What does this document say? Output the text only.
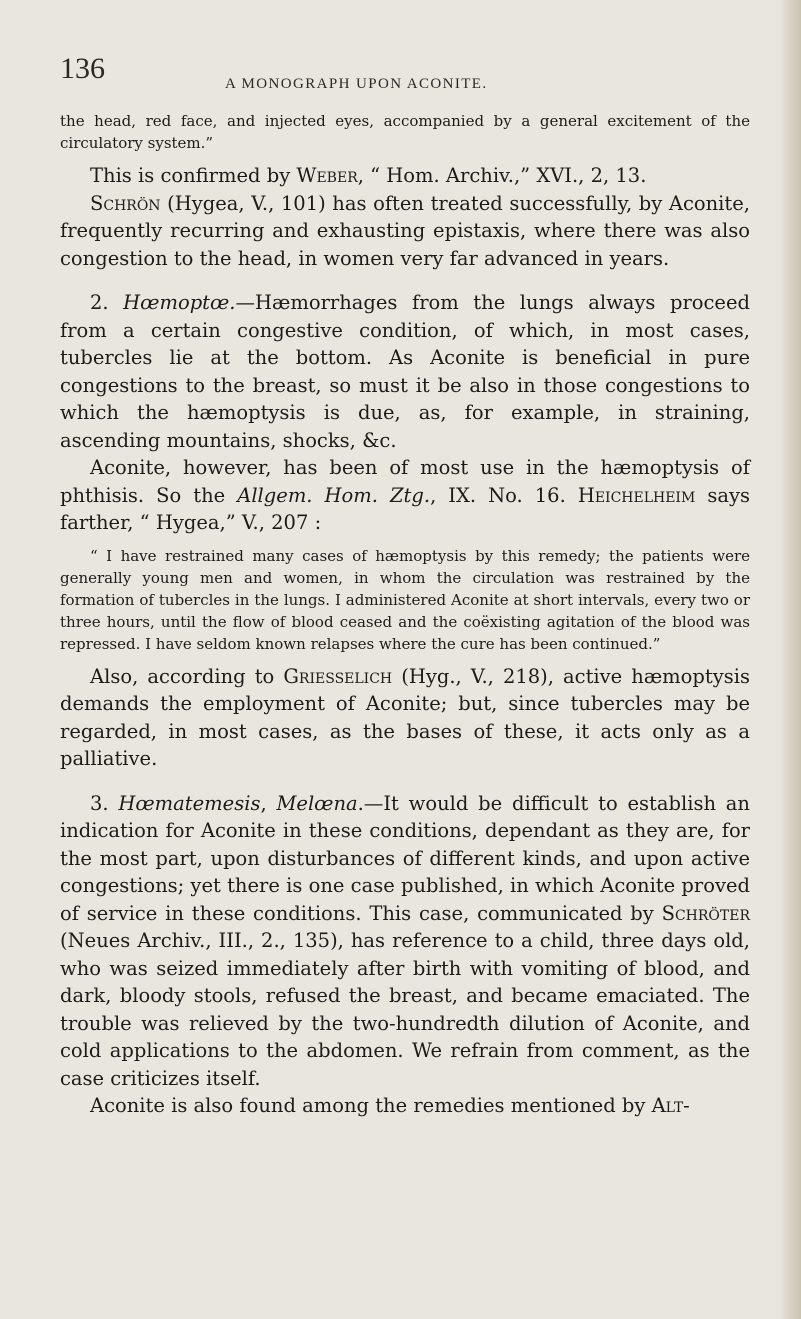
136	A MONOGRAPH UPON ACONITE.

the head, red face, and injected eyes, accompanied by a general excitement of the circulatory system.”

This is confirmed by Weber, “ Hom. Archiv.,” XVI., 2, 13.

Schrön (Hygea, V., 101) has often treated successfully, by Aconite, frequently recurring and exhausting epistaxis, where there was also congestion to the head, in women very far advanced in years.

2. Hœmoptœ.—Hæmorrhages from the lungs always proceed from a certain congestive condition, of which, in most cases, tubercles lie at the bottom. As Aconite is beneficial in pure congestions to the breast, so must it be also in those congestions to which the hæmoptysis is due, as, for example, in straining, ascending mountains, shocks, &c.

Aconite, however, has been of most use in the hæmoptysis of phthisis. So the Allgem. Hom. Ztg., IX. No. 16. Heichelheim says farther, “ Hygea,” V., 207 :

“ I have restrained many cases of hæmoptysis by this remedy; the patients were generally young men and women, in whom the circulation was restrained by the formation of tubercles in the lungs. I administered Aconite at short intervals, every two or three hours, until the flow of blood ceased and the coëxisting agitation of the blood was repressed. I have seldom known relapses where the cure has been continued.”

Also, according to Griesselich (Hyg., V., 218), active hæmoptysis demands the employment of Aconite; but, since tubercles may be regarded, in most cases, as the bases of these, it acts only as a palliative.

3. Hœmatemesis, Melœna.—It would be difficult to establish an indication for Aconite in these conditions, dependant as they are, for the most part, upon disturbances of different kinds, and upon active congestions; yet there is one case published, in which Aconite proved of service in these conditions. This case, communicated by Schröter (Neues Archiv., III., 2., 135), has reference to a child, three days old, who was seized immediately after birth with vomiting of blood, and dark, bloody stools, refused the breast, and became emaciated. The trouble was relieved by the two-hundredth dilution of Aconite, and cold applications to the abdomen. We refrain from comment, as the case criticizes itself.

Aconite is also found among the remedies mentioned by Alt-
